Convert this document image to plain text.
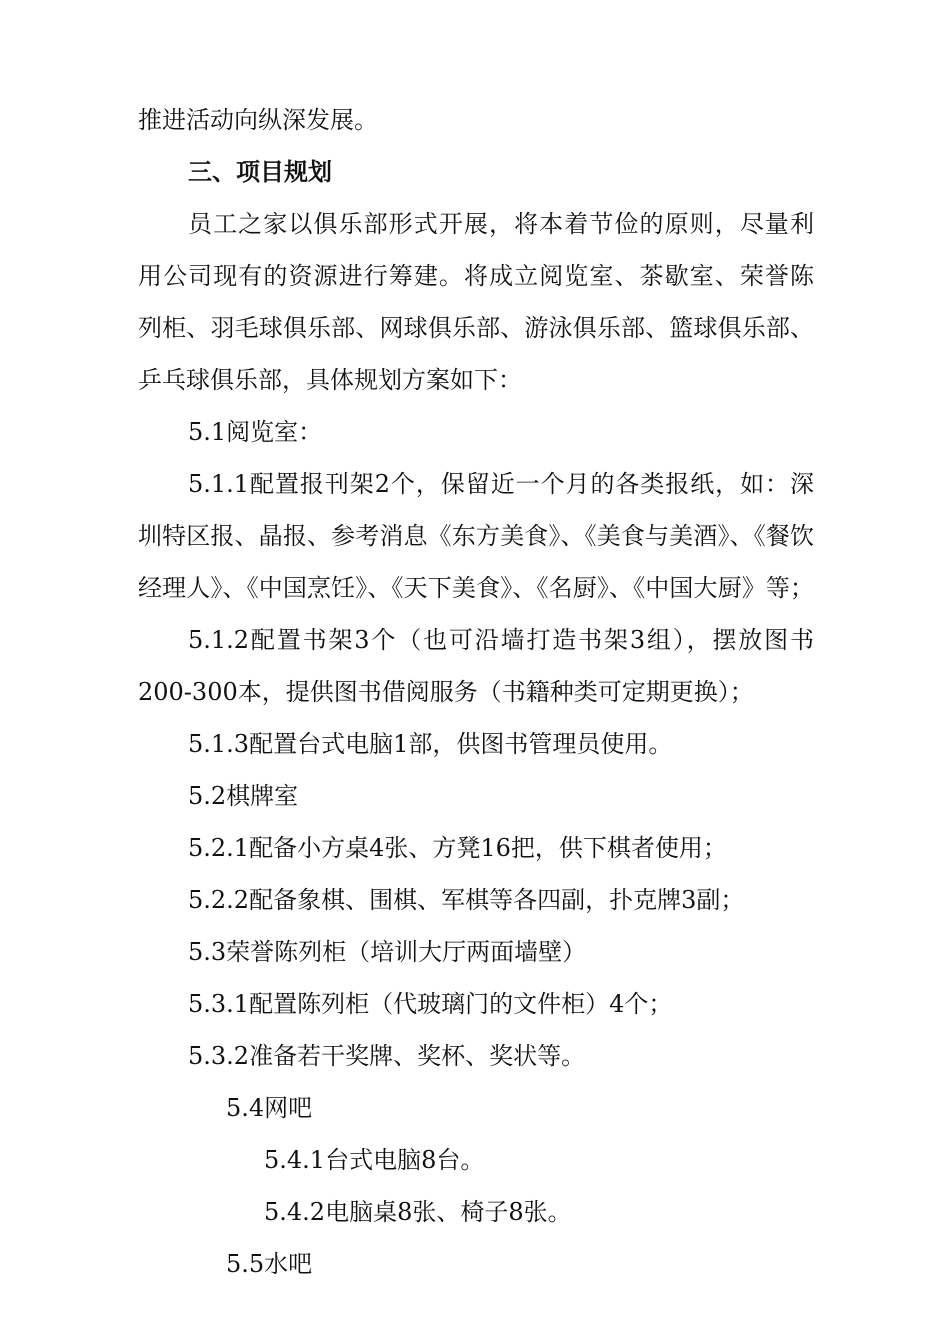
推进活动向纵深发展。
三、项目规划
员工之家以俱乐部形式开展，将本着节俭的原则，尽量利
用公司现有的资源进行筹建。将成立阅览室、茶歇室、荣誉陈
列柜、羽毛球俱乐部、网球俱乐部、游泳俱乐部、篮球俱乐部、
乒乓球俱乐部，具体规划方案如下：
5.1阅览室：
5.1.1配置报刊架2个，保留近一个月的各类报纸，如：深
圳特区报、晶报、参考消息《东方美食》、《美食与美酒》、《餐饮
经理人》、《中国烹饪》、《天下美食》、《名厨》、《中国大厨》等；
5.1.2配置书架3个（也可沿墙打造书架3组），摆放图书
200-300本，提供图书借阅服务（书籍种类可定期更换）；
5.1.3配置台式电脑1部，供图书管理员使用。
5.2棋牌室
5.2.1配备小方桌4张、方凳16把，供下棋者使用；
5.2.2配备象棋、围棋、军棋等各四副，扑克牌3副；
5.3荣誉陈列柜（培训大厅两面墙壁）
5.3.1配置陈列柜（代玻璃门的文件柜）4个；
5.3.2准备若干奖牌、奖杯、奖状等。
5.4网吧
5.4.1台式电脑8台。
5.4.2电脑桌8张、椅子8张。
5.5水吧
